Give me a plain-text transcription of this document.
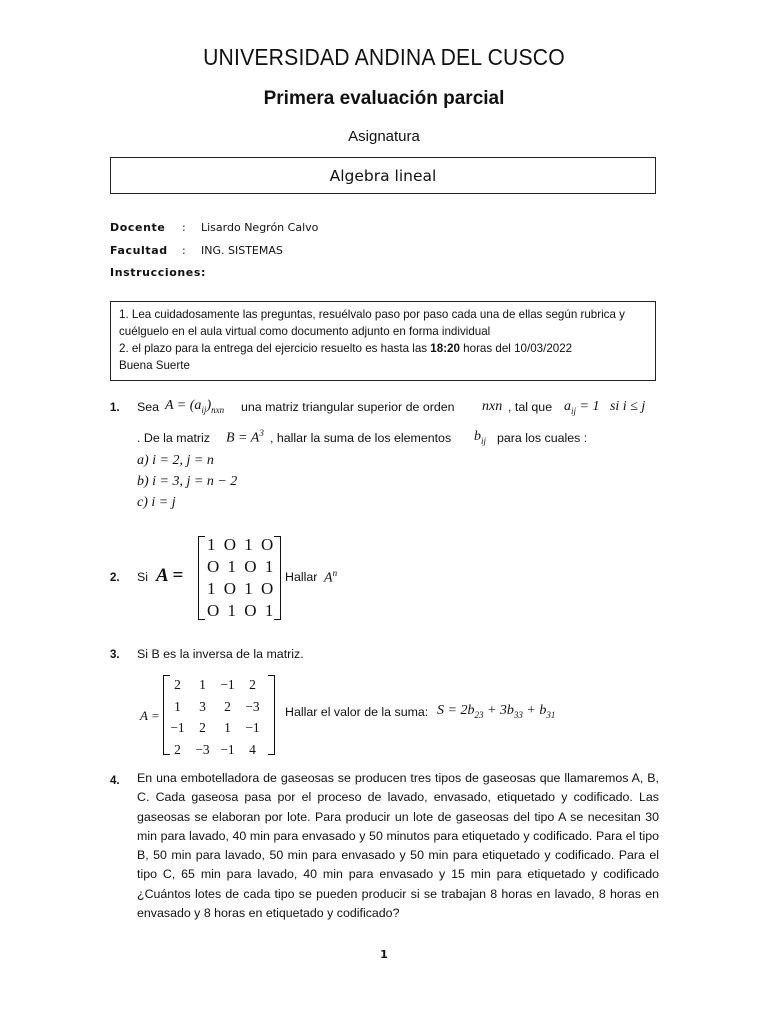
UNIVERSIDAD ANDINA DEL CUSCO
Primera evaluación parcial
Asignatura
Algebra lineal
Docente : Lisardo Negrón Calvo
Facultad : ING. SISTEMAS
Instrucciones:
1. Lea cuidadosamente las preguntas, resuélvalo paso por paso cada una de ellas según rubrica y cuélguelo en el aula virtual como documento adjunto en forma individual
2. el plazo para la entrega del ejercicio resuelto es hasta las 18:20 horas del 10/03/2022
Buena Suerte
1. Sea $A = (a_{ij})_{nxn}$ una matriz triangular superior de orden nxn , tal que $a_{ij} = 1$   si i ≤ j
. De la matriz $B = A^3$ , hallar la suma de los elementos $b_{ij}$ para los cuales :
a) i = 2, j = n
b) i = 3, j = n − 2
c) i = j
2. Si A =
1 O 1 O
O 1 O 1
1 O 1 O
O 1 O 1
Hallar $A^n$
3. Si B es la inversa de la matriz.
A =
2	1	−1	2
1	3	2	−3
−1	2	1	−1
2	−3	−1	4
Hallar el valor de la suma: $S = 2b_{23} + 3b_{33} + b_{31}$
4. En una embotelladora de gaseosas se producen tres tipos de gaseosas que llamaremos A, B, C. Cada gaseosa pasa por el proceso de lavado, envasado, etiquetado y codificado. Las gaseosas se elaboran por lote. Para producir un lote de gaseosas del tipo A se necesitan 30 min para lavado, 40 min para envasado y 50 minutos para etiquetado y codificado. Para el tipo B, 50 min para lavado, 50 min para envasado y 50 min para etiquetado y codificado. Para el tipo C, 65 min para lavado, 40 min para envasado y 15 min para etiquetado y codificado ¿Cuántos lotes de cada tipo se pueden producir si se trabajan 8 horas en lavado, 8 horas en envasado y 8 horas en etiquetado y codificado?
1
